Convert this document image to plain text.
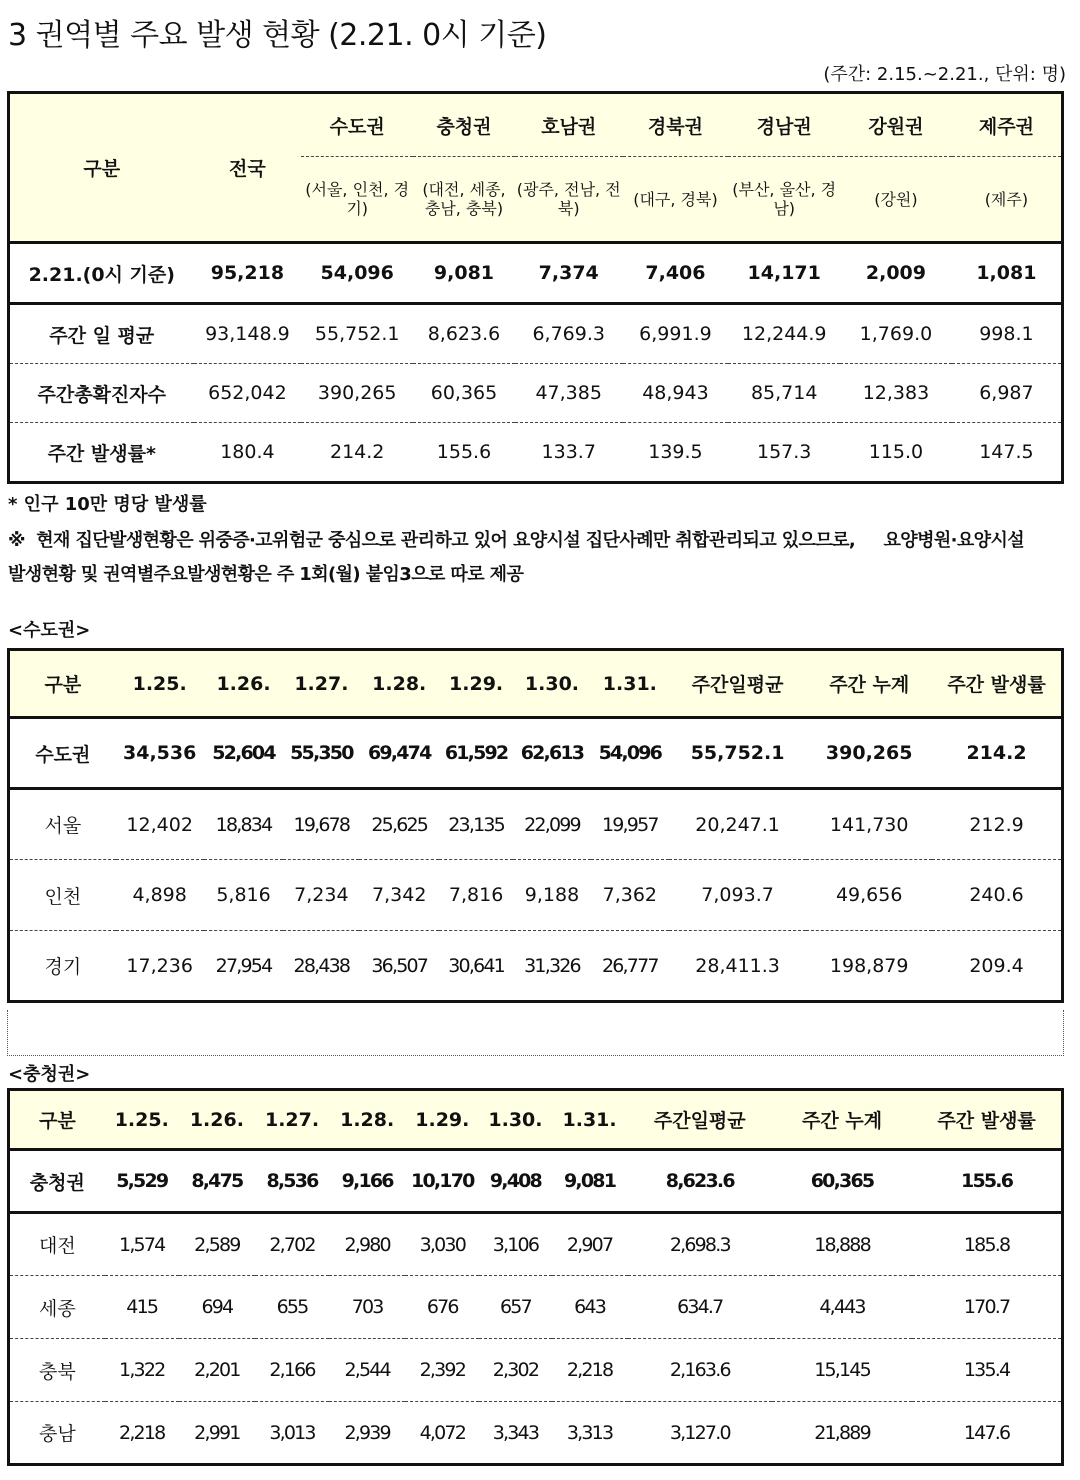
3 권역별 주요 발생 현황 (2.21. 0시 기준)
(주간: 2.15.~2.21., 단위: 명)
구분	전국	수도권	충청권	호남권	경북권	경남권	강원권	제주권
		(서울, 인천, 경기)	(대전, 세종, 충남, 충북)	(광주, 전남, 전북)	(대구, 경북)	(부산, 울산, 경남)	(강원)	(제주)
2.21.(0시 기준)	95,218	54,096	9,081	7,374	7,406	14,171	2,009	1,081
주간 일 평균	93,148.9	55,752.1	8,623.6	6,769.3	6,991.9	12,244.9	1,769.0	998.1
주간총확진자수	652,042	390,265	60,365	47,385	48,943	85,714	12,383	6,987
주간 발생률*	180.4	214.2	155.6	133.7	139.5	157.3	115.0	147.5
* 인구 10만 명당 발생률
※  현재 집단발생현황은 위중증·고위험군 중심으로 관리하고 있어 요양시설 집단사례만 취합관리되고 있으므로,     요양병원·요양시설
발생현황 및 권역별주요발생현황은 주 1회(월) 붙임3으로 따로 제공
<수도권>
구분	1.25.	1.26.	1.27.	1.28.	1.29.	1.30.	1.31.	주간일평균	주간 누계	주간 발생률
수도권	34,536	52,604	55,350	69,474	61,592	62,613	54,096	55,752.1	390,265	214.2
서울	12,402	18,834	19,678	25,625	23,135	22,099	19,957	20,247.1	141,730	212.9
인천	4,898	5,816	7,234	7,342	7,816	9,188	7,362	7,093.7	49,656	240.6
경기	17,236	27,954	28,438	36,507	30,641	31,326	26,777	28,411.3	198,879	209.4
<충청권>
구분	1.25.	1.26.	1.27.	1.28.	1.29.	1.30.	1.31.	주간일평균	주간 누계	주간 발생률
충청권	5,529	8,475	8,536	9,166	10,170	9,408	9,081	8,623.6	60,365	155.6
대전	1,574	2,589	2,702	2,980	3,030	3,106	2,907	2,698.3	18,888	185.8
세종	415	694	655	703	676	657	643	634.7	4,443	170.7
충북	1,322	2,201	2,166	2,544	2,392	2,302	2,218	2,163.6	15,145	135.4
충남	2,218	2,991	3,013	2,939	4,072	3,343	3,313	3,127.0	21,889	147.6
